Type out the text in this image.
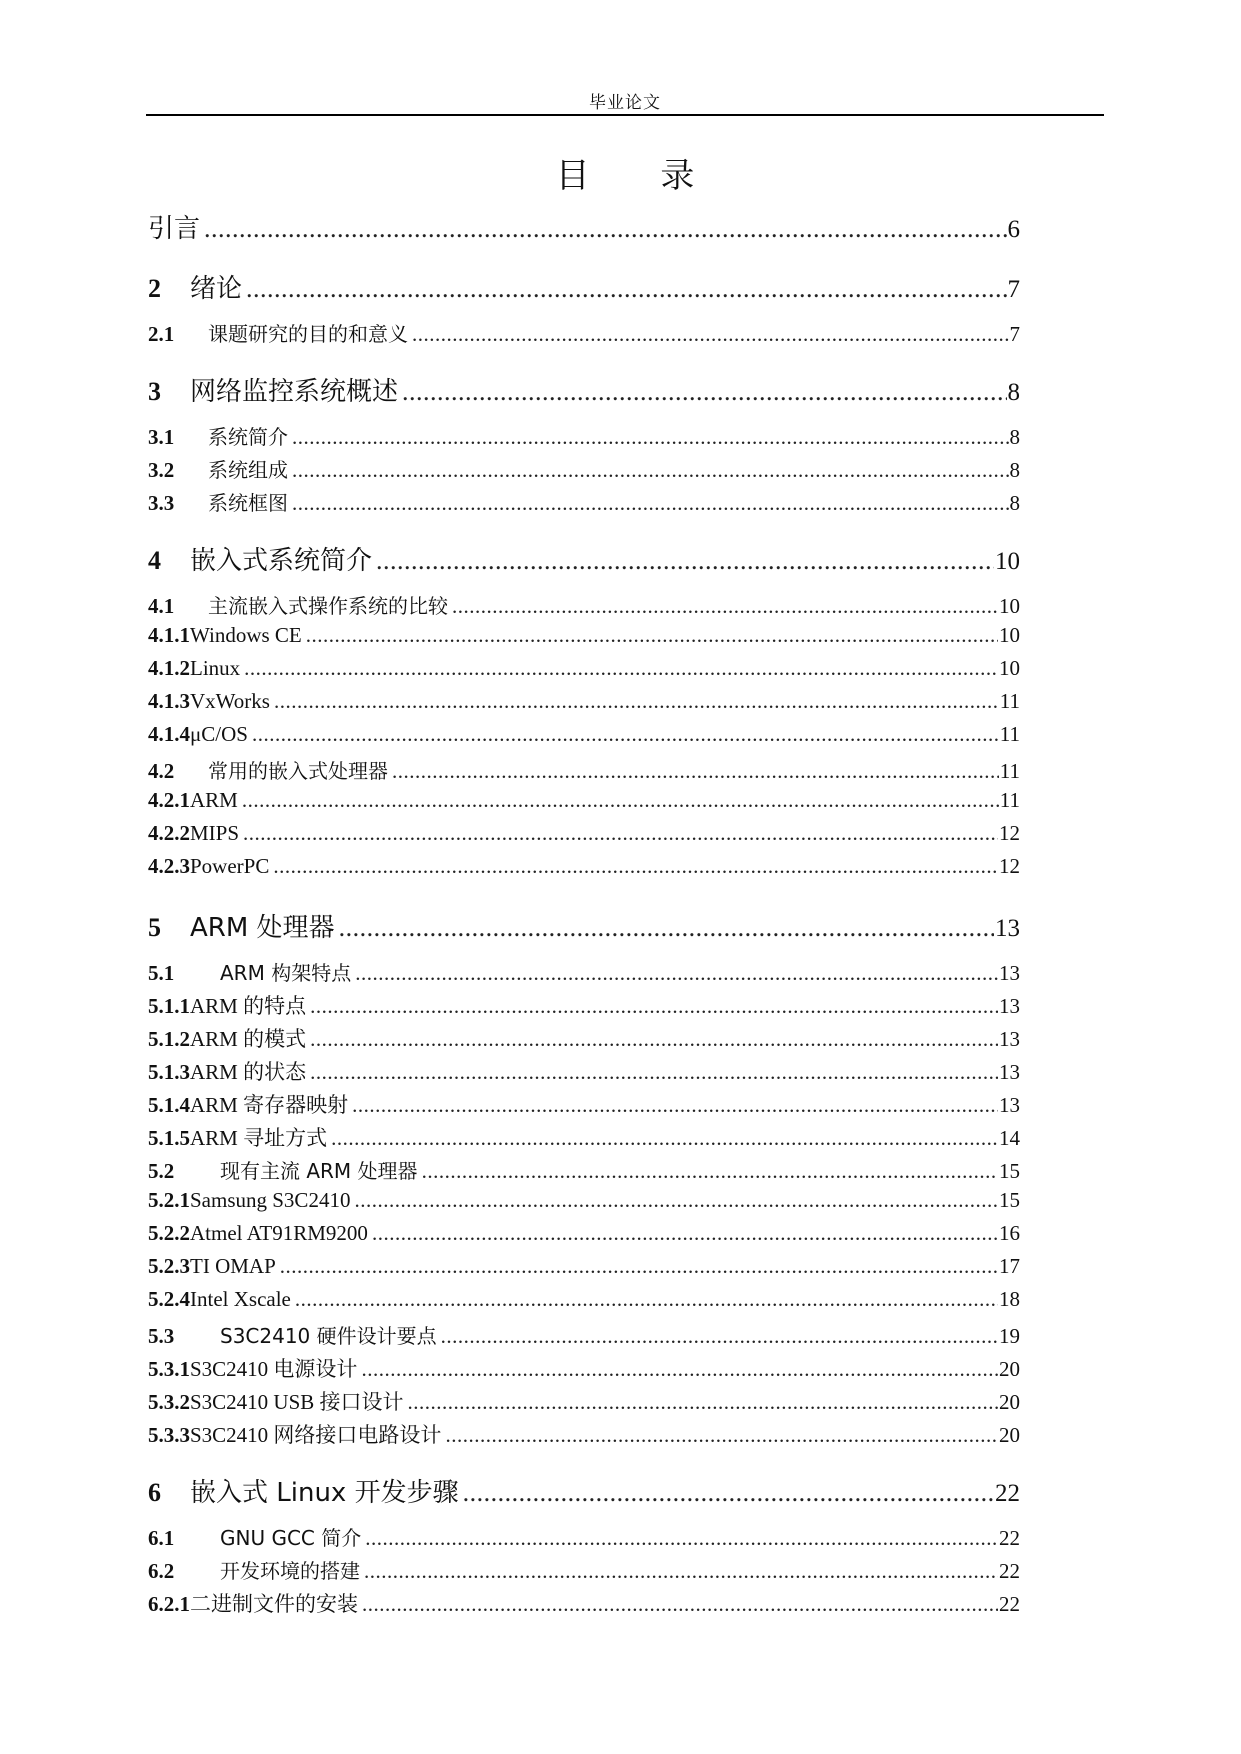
毕业论文
目 录
引言 .....	6
2	绪论 .....	7
2.1	课题研究的目的和意义 .....	7
3	网络监控系统概述 .....	8
3.1	系统简介 .....	8
3.2	系统组成 .....	8
3.3	系统框图 .....	8
4	嵌入式系统简介 .....	10
4.1	主流嵌入式操作系统的比较 .....	10
4.1.1 Windows CE .....	10
4.1.2 Linux .....	10
4.1.3 VxWorks .....	11
4.1.4 μC/OS .....	11
4.2	常用的嵌入式处理器 .....	11
4.2.1 ARM .....	11
4.2.2 MIPS .....	12
4.2.3 PowerPC .....	12
5	ARM 处理器 .....	13
5.1	ARM 构架特点 .....	13
5.1.1 ARM 的特点 .....	13
5.1.2 ARM 的模式 .....	13
5.1.3 ARM 的状态 .....	13
5.1.4 ARM 寄存器映射 .....	13
5.1.5 ARM 寻址方式 .....	14
5.2	现有主流 ARM 处理器 .....	15
5.2.1 Samsung S3C2410 .....	15
5.2.2 Atmel AT91RM9200 .....	16
5.2.3 TI OMAP .....	17
5.2.4 Intel Xscale .....	18
5.3	S3C2410 硬件设计要点 .....	19
5.3.1 S3C2410 电源设计 .....	20
5.3.2 S3C2410 USB 接口设计 .....	20
5.3.3 S3C2410 网络接口电路设计 .....	20
6	嵌入式 Linux 开发步骤 .....	22
6.1	GNU GCC 简介 .....	22
6.2	开发环境的搭建 .....	22
6.2.1 二进制文件的安装 .....	22
